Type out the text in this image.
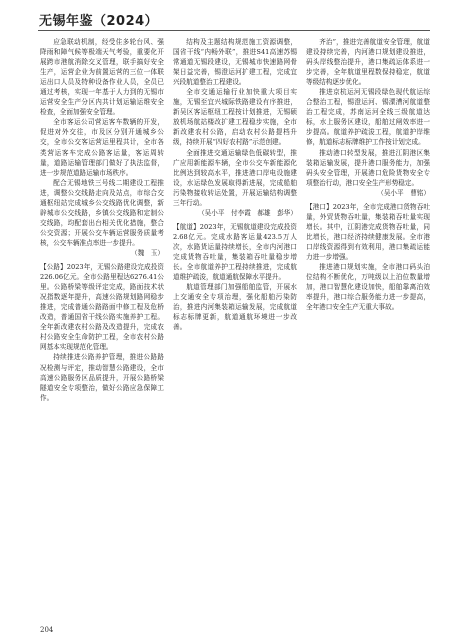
无锡年鉴（2024）

应急联动机制，经受住多轮台风、强降雨和障气候等极端天气考验，重要化开展跨市港航消除交叉管理，联手搞好安全生产，运营企业为前置运营的三位一体联运出口人员及特种设备作业人员，全员已通过考核，实现一年基于人力到的无锡市运营安全生产分区内共计划运输运维安全检查，全面加强安全管理。

全市客运公司营运客车数辆的开发，促进对外交往，市及区分别开通城乡公交，全市公交客运营运里程共计，全市各类营运客车完成公路客运量，客运周转量，道路运输管理部门做好了执法监督，进一步规范道路运输市场秩序。

配合无锡地铁三号线二期建设工程推进，调整公交线路走向及站点，市综合交通枢纽站完成城乡公交线路优化调整，新辟城市公交线路，乡镇公交线路和定制公交线路，均配套出台相关优化措施，整合公交资源；开展公交车辆运营服务质量考核，公交车辆准点率进一步提升。

（魏　玉）

【公路】2023年，无锡公路建设完成投资226.06亿元。全市公路里程达6276.41公里。公路桥梁等级评定完成，路面技术状况指数逐年提升，高速公路规划路网稳步推进，完成普通公路路面中修工程及危桥改造，普通国省干线公路实施养护工程。全年新改建农村公路及改造提升，完成农村公路安全生命防护工程，全市农村公路网基本实现规范化管理。

持续推进公路养护管理，推进公路路况检测与评定，推动智慧公路建设，全市高速公路服务区品质提升，开展公路桥梁隧道安全专项整治，做好公路应急保障工作。

结构及主题结构规范施工资源调整，国省干线“内畅外联”，推进S41高速苏锡常通道无锡段建设，无锡城市快速路网骨架日益完善，锡澄运河扩建工程，完成宜兴段航道整治工程建设。

全市交通运输行业加快重大项目实施，无锡至宜兴城际铁路建设有序推进，新吴区客运枢纽工程按计划推进，无锡硕放机场航站楼改扩建工程稳步实施，全市新改建农村公路，启动农村公路提档升级，持续开展“四好农村路”示范创建。

全面推进交通运输绿色低碳转型，推广应用新能源车辆，全市公交车新能源化比例达到较高水平，推进港口岸电设施建设，水运绿色发展取得新进展，完成船舶污染物接收转运处置，开展运输结构调整三年行动。

（吴小平　付李霞　郝雄　彭华）

【航道】2023年，无锡航道建设完成投资2.68亿元。完成水路客运量423.5万人次，水路货运量持续增长，全市内河港口完成货物吞吐量，集装箱吞吐量稳步增长。全市航道养护工程持续推进，完成航道维护疏浚，航道通航保障水平提升。

航道管理部门加强船舶监管，开展水上交通安全专项治理，强化船舶污染防治，推进内河集装箱运输发展，完成航道标志标牌更新，航道通航环境进一步改善。

齐治”，推进完善航道安全管理，航道建设持续完善，内河港口规划建设推进，码头岸线整治提升，港口集疏运体系进一步完善，全年航道里程数保持稳定，航道等级结构逐步优化。

推进京杭运河无锡段绿色现代航运综合整治工程，锡澄运河、锡溧漕河航道整治工程完成，苏南运河全线三级航道达标，水上服务区建设，船舶过闸效率进一步提高。航道养护疏浚工程，航道护岸维修，航道标志标牌维护工作按计划完成。

推动港口转型发展，推进江阴港区集装箱运输发展，提升港口服务能力，加强码头安全管理，开展港口危险货物安全专项整治行动，港口安全生产形势稳定。

（吴小平　曹铭）

【港口】2023年，全市完成港口货物吞吐量，外贸货物吞吐量，集装箱吞吐量实现增长。其中，江阴港完成货物吞吐量，同比增长，港口经济持续健康发展。全市港口岸线资源得到有效利用，港口集疏运能力进一步增强。

推进港口规划实施，全市港口码头泊位结构不断优化，万吨级以上泊位数量增加，港口智慧化建设加快，船舶靠离泊效率提升，港口综合服务能力进一步提高，全年港口安全生产无重大事故。

204
